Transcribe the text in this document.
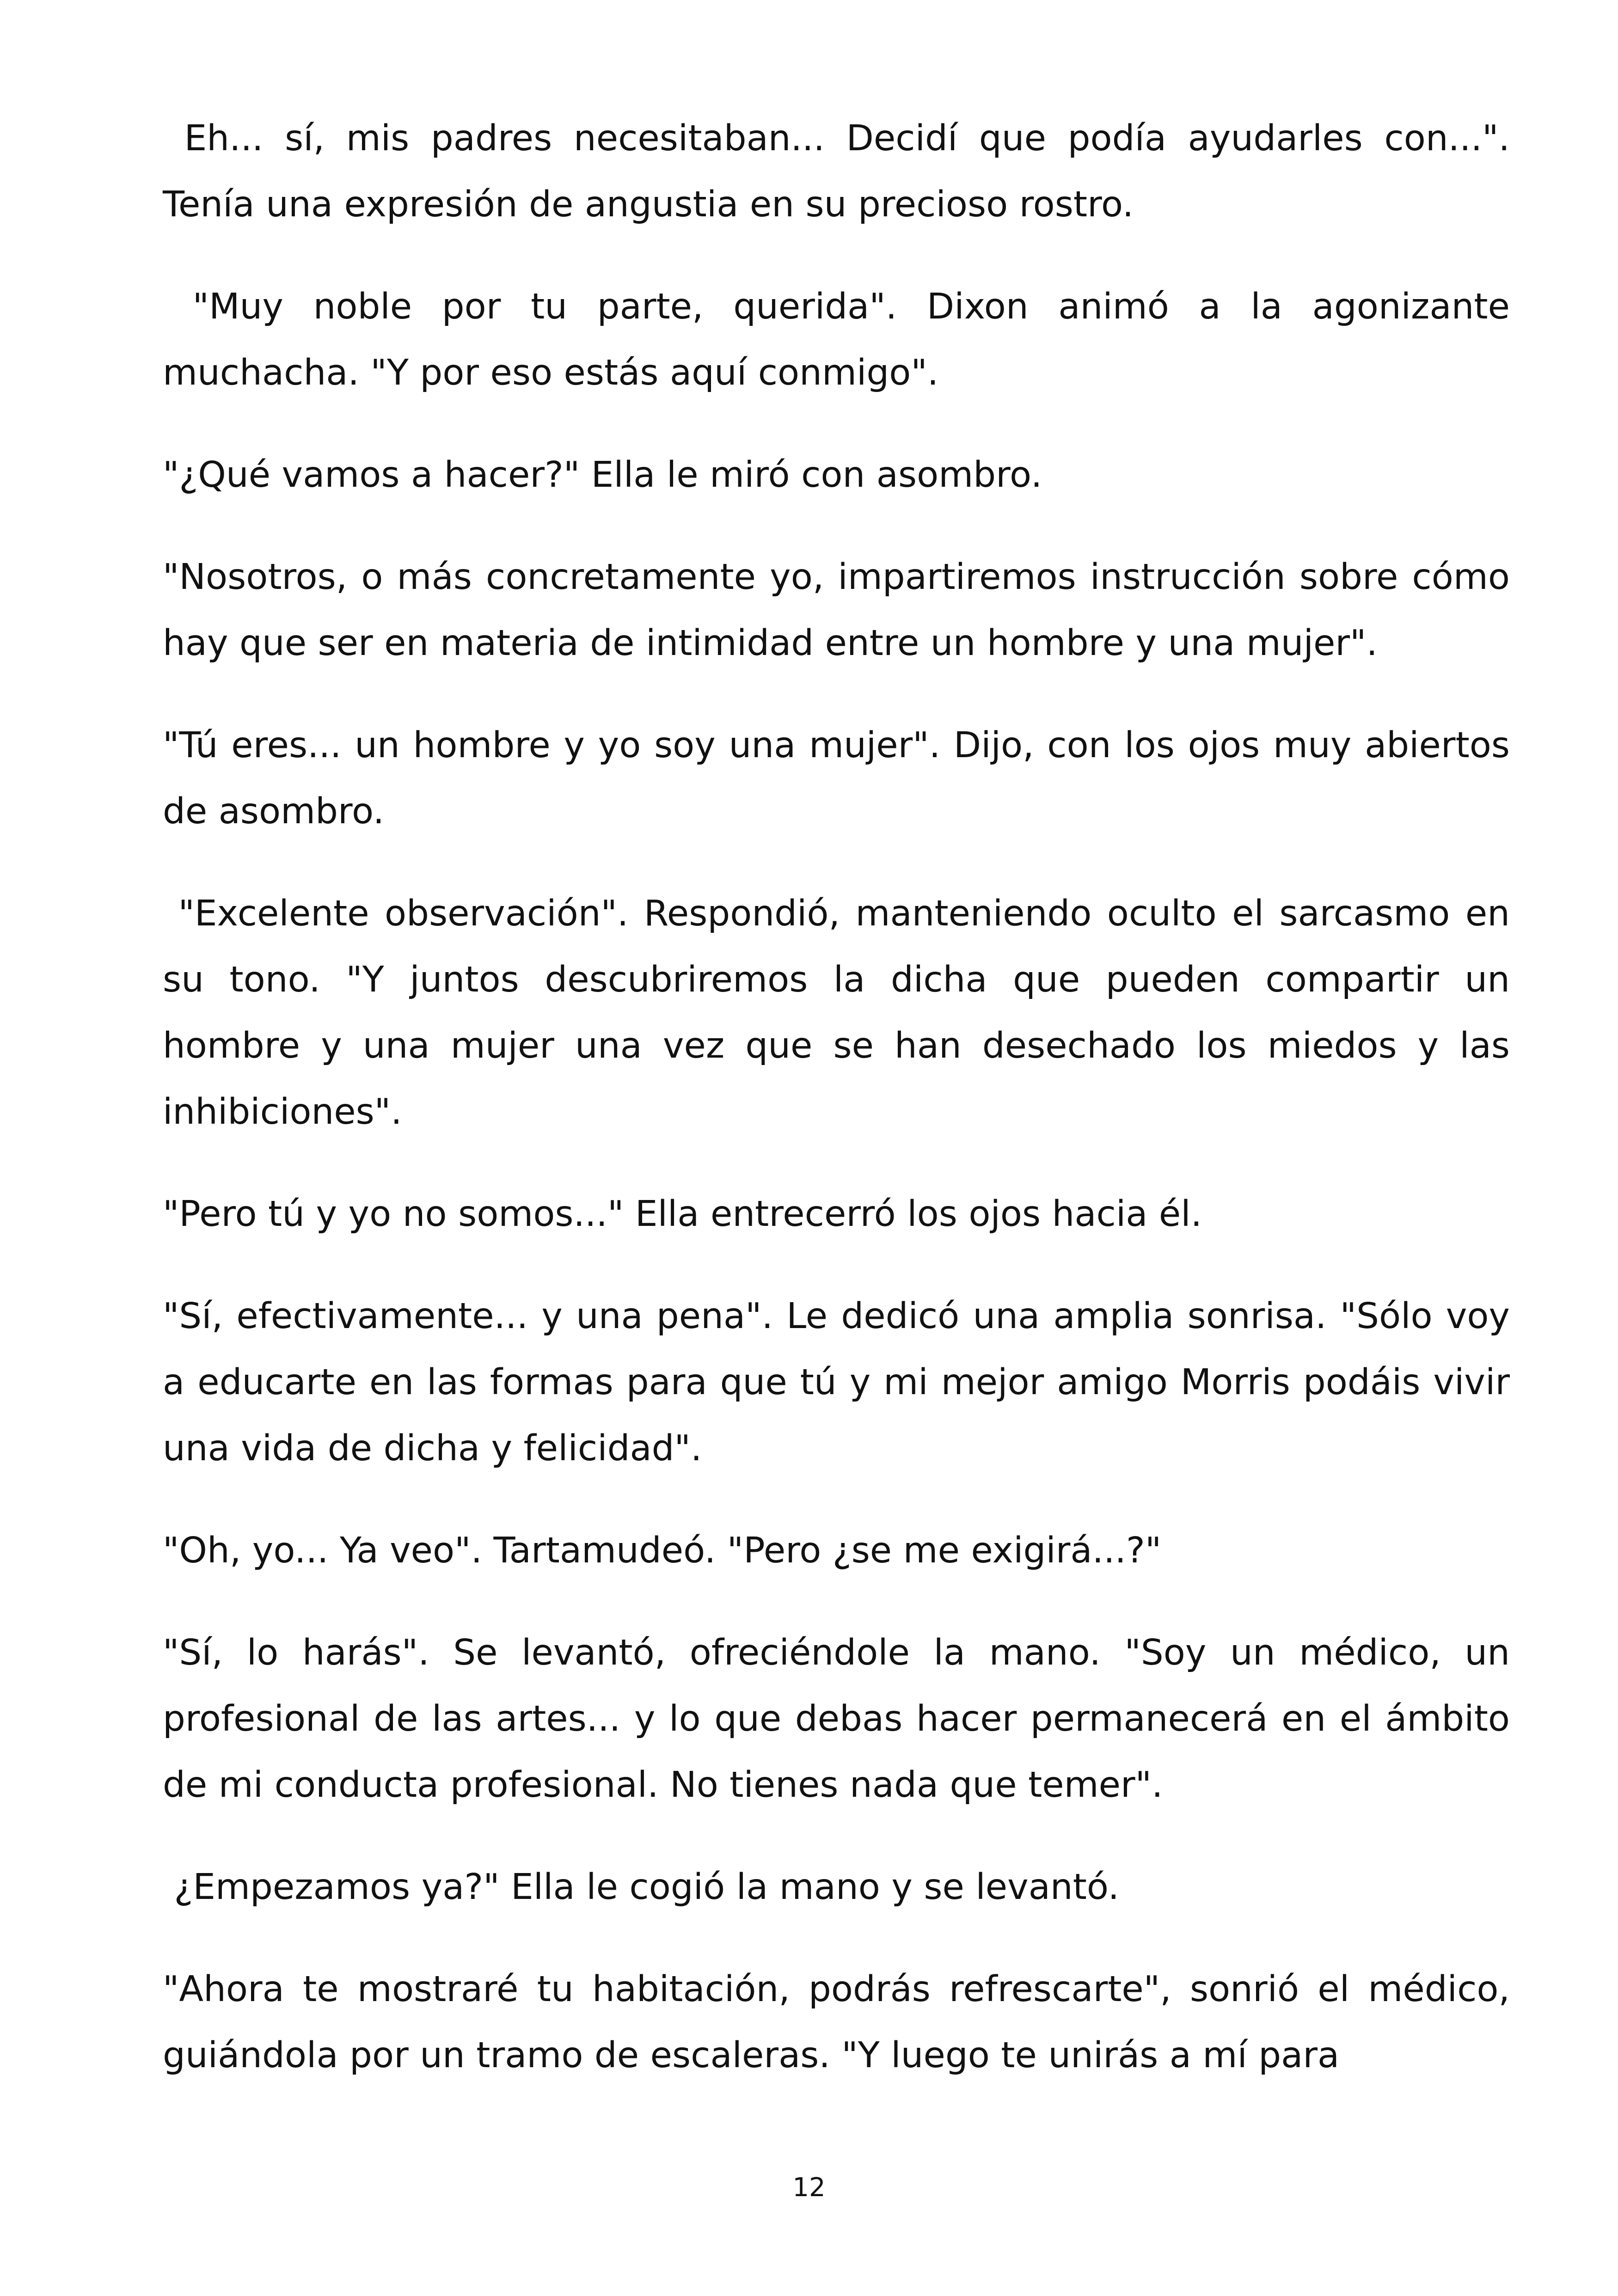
Eh... sí, mis padres necesitaban... Decidí que podía ayudarles con...". Tenía una expresión de angustia en su precioso rostro.

"Muy noble por tu parte, querida". Dixon animó a la agonizante muchacha. "Y por eso estás aquí conmigo".

"¿Qué vamos a hacer?" Ella le miró con asombro.

"Nosotros, o más concretamente yo, impartiremos instrucción sobre cómo hay que ser en materia de intimidad entre un hombre y una mujer".

"Tú eres... un hombre y yo soy una mujer". Dijo, con los ojos muy abiertos de asombro.

"Excelente observación". Respondió, manteniendo oculto el sarcasmo en su tono. "Y juntos descubriremos la dicha que pueden compartir un hombre y una mujer una vez que se han desechado los miedos y las inhibiciones".

"Pero tú y yo no somos..." Ella entrecerró los ojos hacia él.

"Sí, efectivamente... y una pena". Le dedicó una amplia sonrisa. "Sólo voy a educarte en las formas para que tú y mi mejor amigo Morris podáis vivir una vida de dicha y felicidad".

"Oh, yo... Ya veo". Tartamudeó. "Pero ¿se me exigirá...?"

"Sí, lo harás". Se levantó, ofreciéndole la mano. "Soy un médico, un profesional de las artes... y lo que debas hacer permanecerá en el ámbito de mi conducta profesional. No tienes nada que temer".

¿Empezamos ya?" Ella le cogió la mano y se levantó.

"Ahora te mostraré tu habitación, podrás refrescarte", sonrió el médico, guiándola por un tramo de escaleras. "Y luego te unirás a mí para

12
